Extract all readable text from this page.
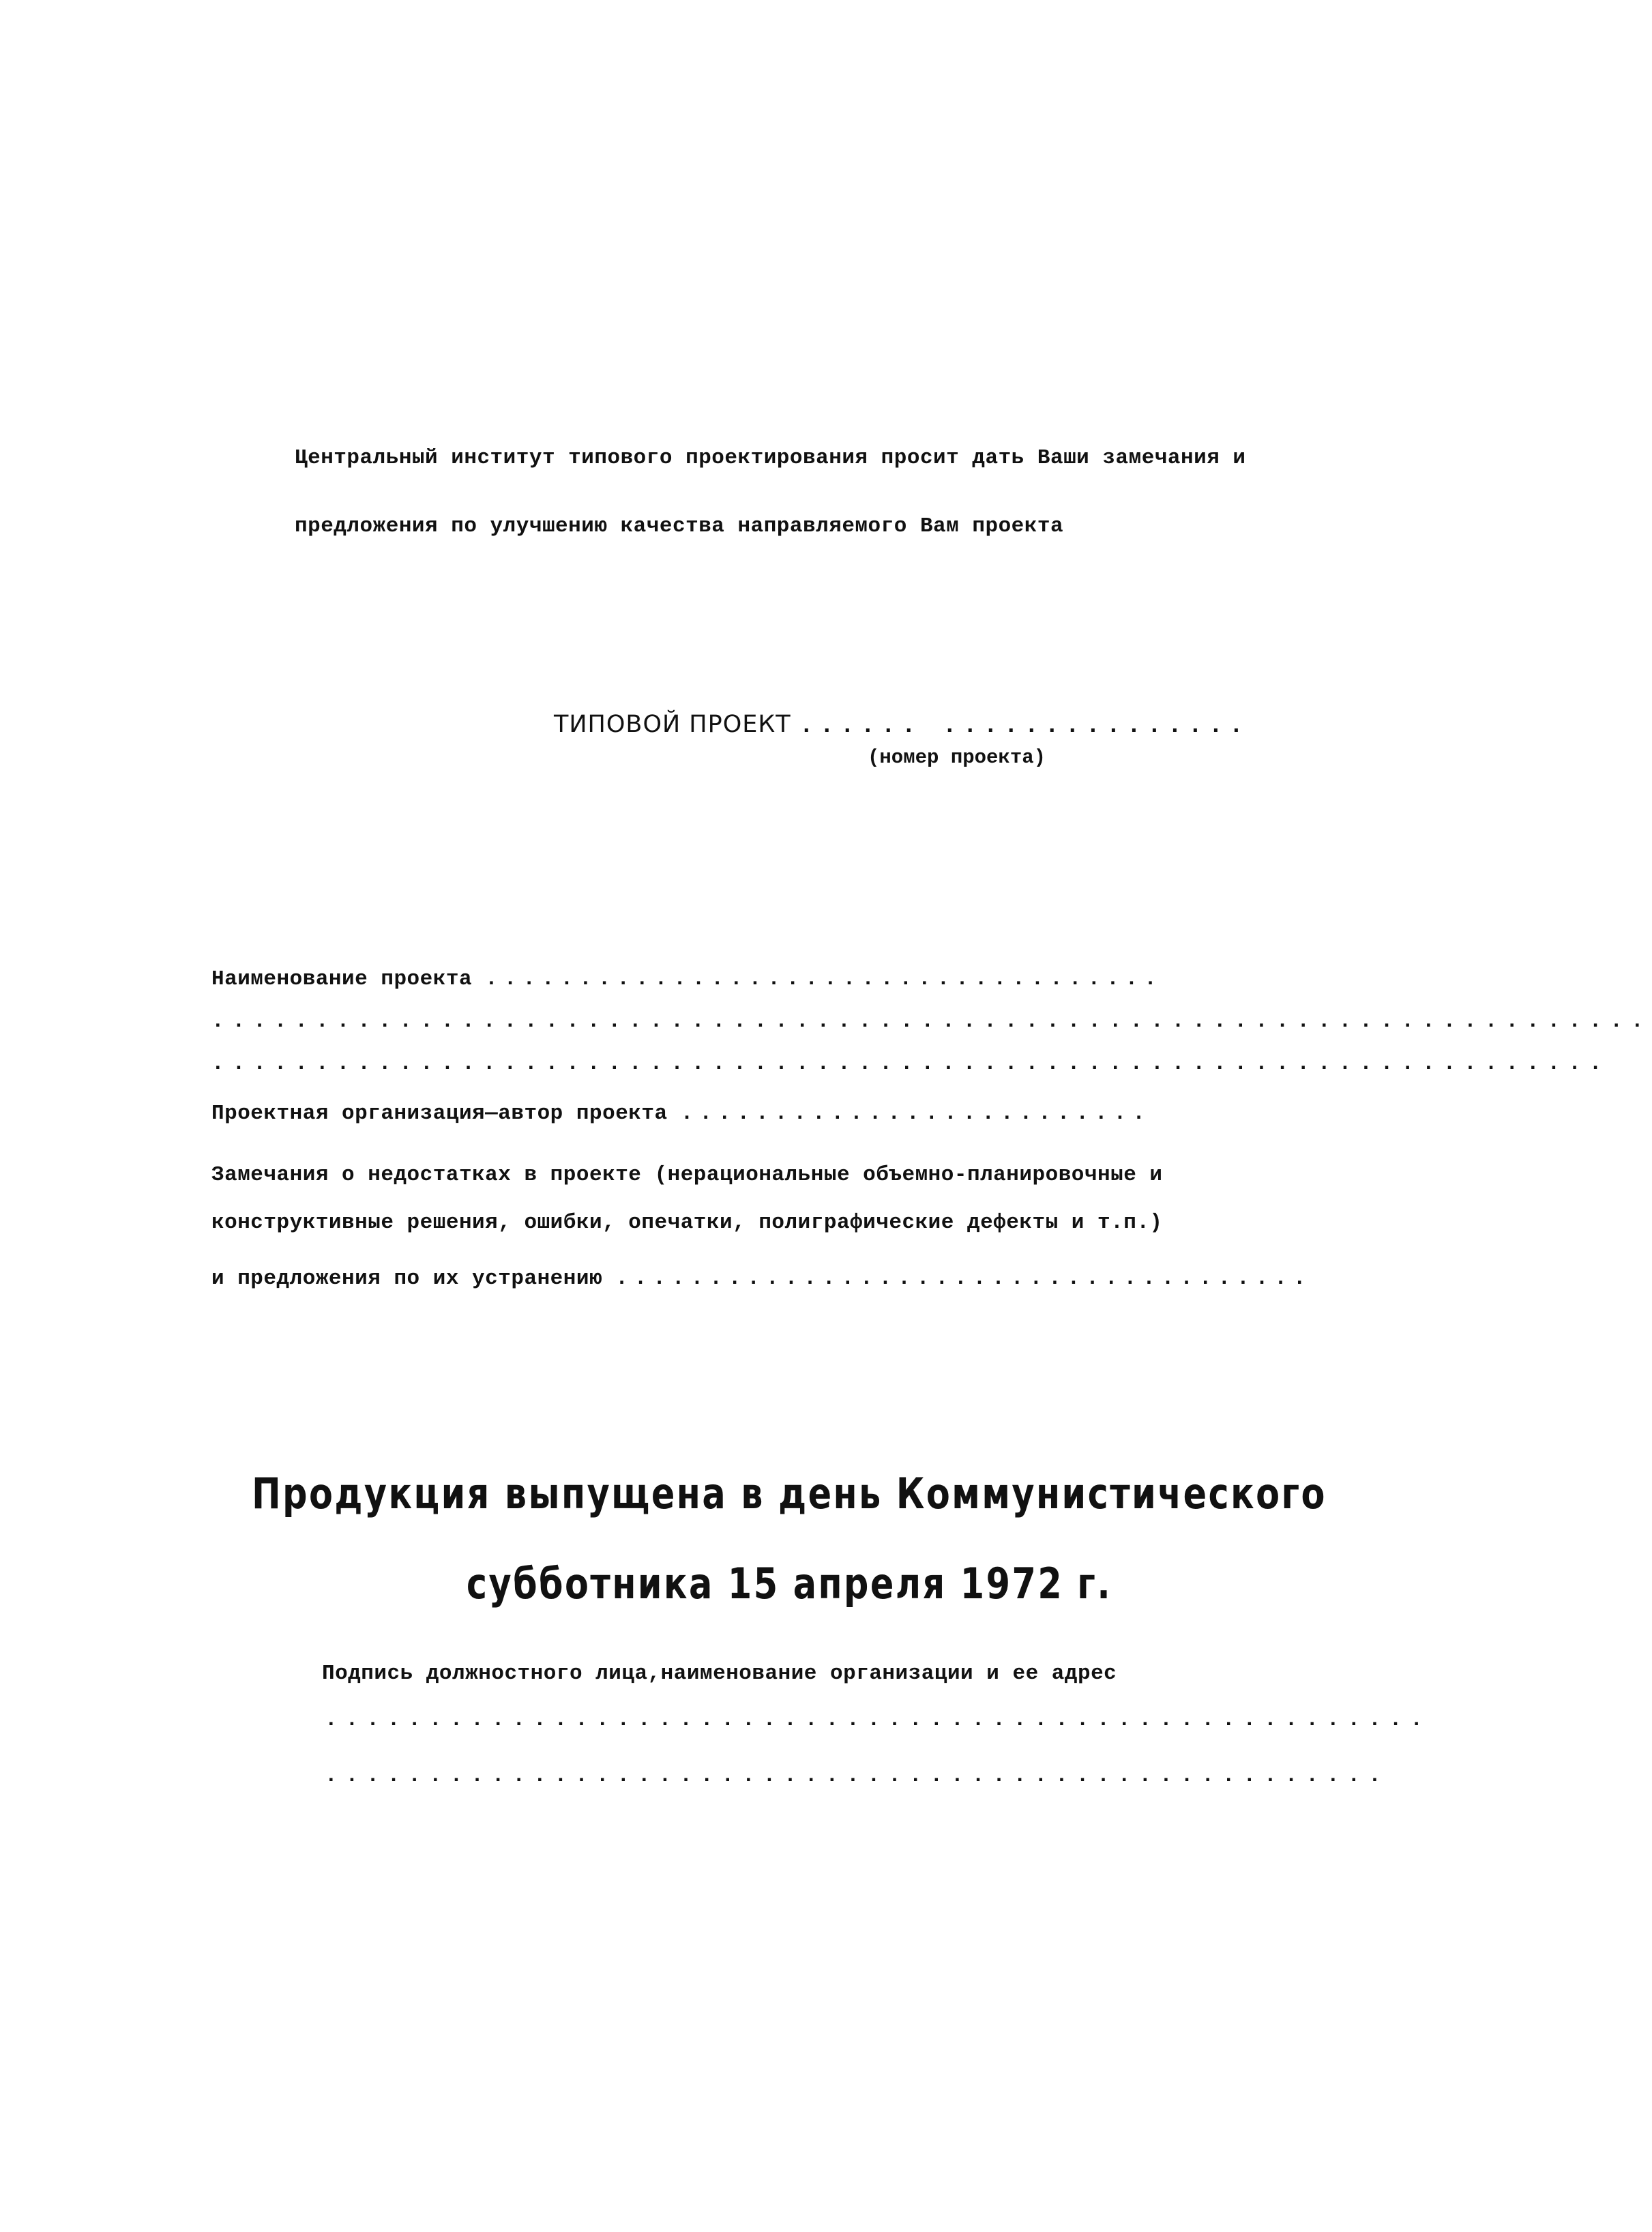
Центральный институт типового проектирования просит дать Ваши замечания и
предложения по улучшению качества направляемого Вам проекта
ТИПОВОЙ ПРОЕКТ ...... ...............
(номер проекта)
Наименование проекта ....................................
.....................................................................
...................................................................
Проектная организация—автор проекта .........................
Замечания о недостатках в проекте (нерациональные объемно-планировочные и
конструктивные решения, ошибки, опечатки, полиграфические дефекты и т.п.)
и предложения по их устранению .....................................
Продукция выпущена в день Коммунистического
субботника 15 апреля 1972 г.
Подпись должностного лица,наименование организации и ее адрес
.....................................................
...................................................
